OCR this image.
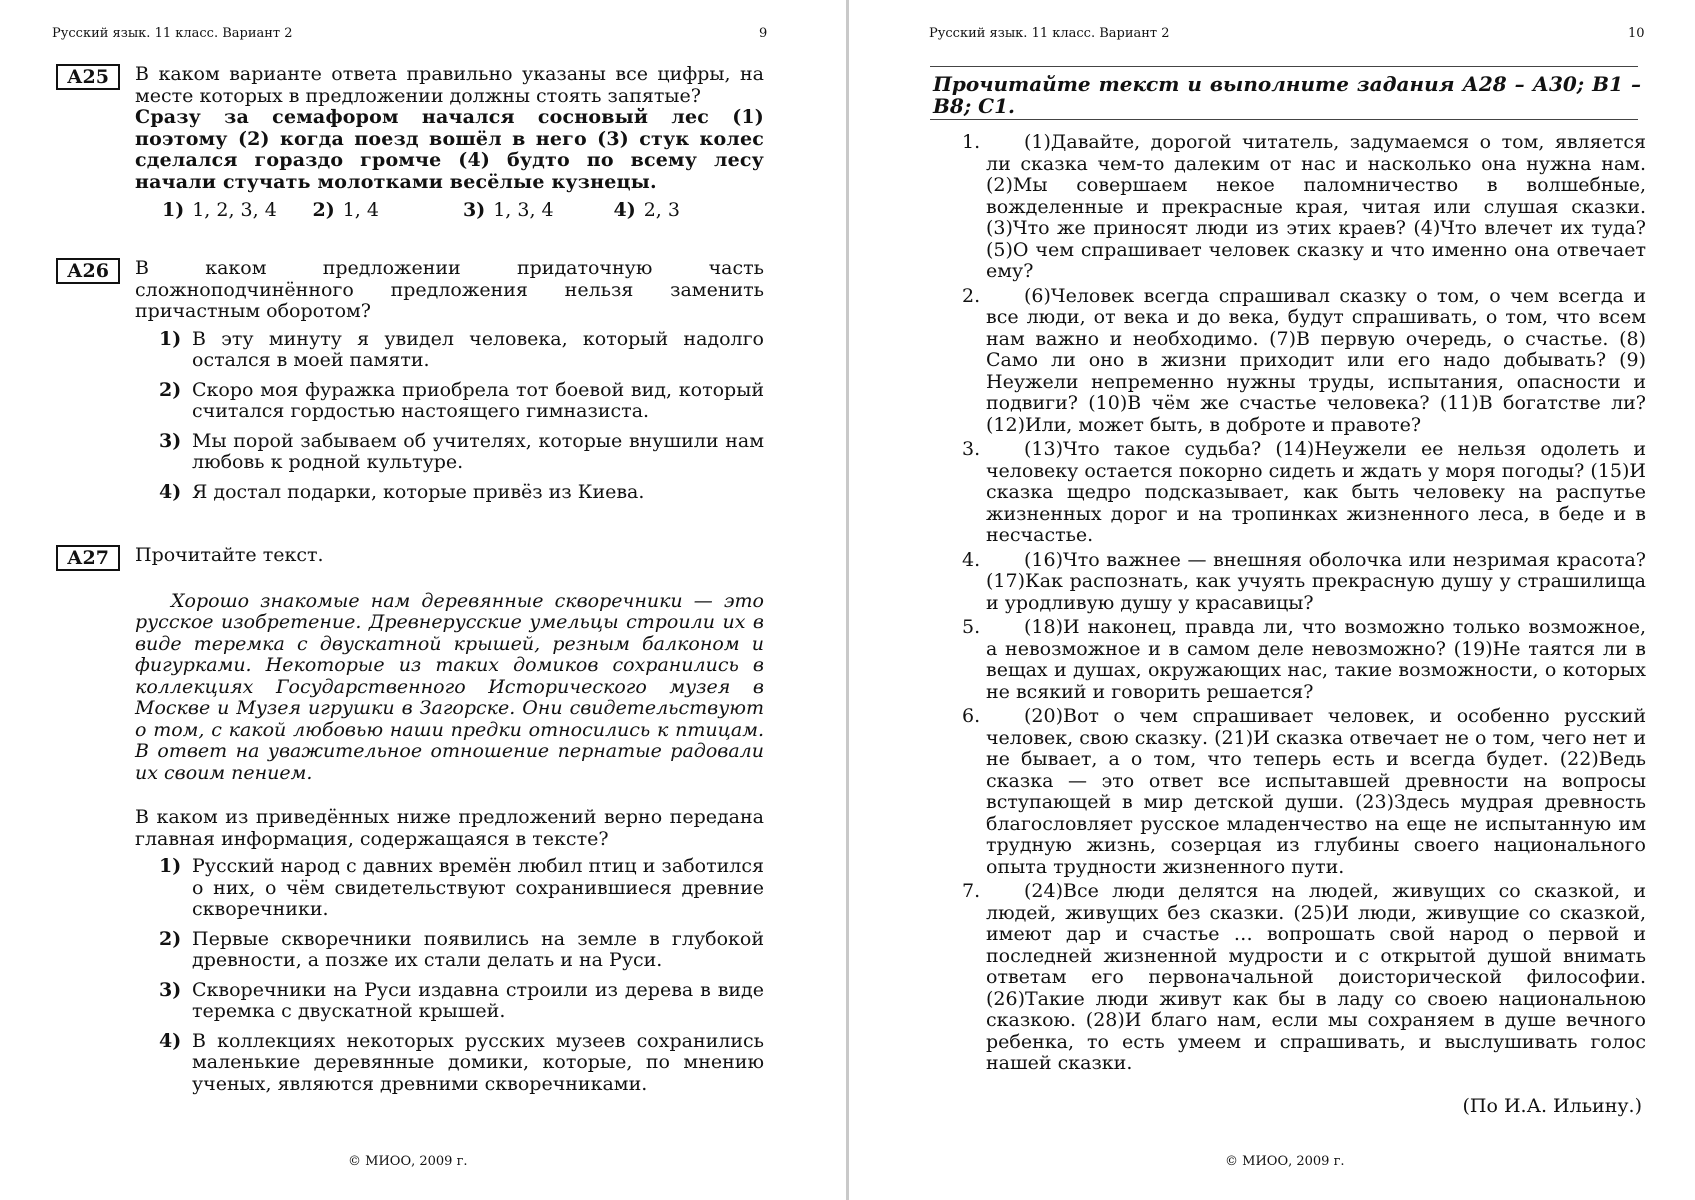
Русский язык. 11 класс. Вариант 2	9
А25	В каком варианте ответа правильно указаны все цифры, на месте которых в предложении должны стоять запятые?
Сразу за семафором начался сосновый лес (1) поэтому (2) когда поезд вошёл в него (3) стук колес сделался гораздо громче (4) будто по всему лесу начали стучать молотками весёлые кузнецы.
1) 1, 2, 3, 4	2) 1, 4	3) 1, 3, 4	4) 2, 3
А26	В каком предложении придаточную часть сложноподчинённого предложения нельзя заменить причастным оборотом?
1) В эту минуту я увидел человека, который надолго остался в моей памяти.
2) Скоро моя фуражка приобрела тот боевой вид, который считался гордостью настоящего гимназиста.
3) Мы порой забываем об учителях, которые внушили нам любовь к родной культуре.
4) Я достал подарки, которые привёз из Киева.
А27	Прочитайте текст.
Хорошо знакомые нам деревянные скворечники — это русское изобретение. Древнерусские умельцы строили их в виде теремка с двускатной крышей, резным балконом и фигурками. Некоторые из таких домиков сохранились в коллекциях Государственного Исторического музея в Москве и Музея игрушки в Загорске. Они свидетельствуют о том, с какой любовью наши предки относились к птицам. В ответ на уважительное отношение пернатые радовали их своим пением.
В каком из приведённых ниже предложений верно передана главная информация, содержащаяся в тексте?
1) Русский народ с давних времён любил птиц и заботился о них, о чём свидетельствуют сохранившиеся древние скворечники.
2) Первые скворечники появились на земле в глубокой древности, а позже их стали делать и на Руси.
3) Скворечники на Руси издавна строили из дерева в виде теремка с двускатной крышей.
4) В коллекциях некоторых русских музеев сохранились маленькие деревянные домики, которые, по мнению ученых, являются древними скворечниками.
© МИОО, 2009 г.
Русский язык. 11 класс. Вариант 2	10
Прочитайте текст и выполните задания А28 – А30; В1 – В8; С1.
1.	(1)Давайте, дорогой читатель, задумаемся о том, является ли сказка чем-то далеким от нас и насколько она нужна нам. (2)Мы совершаем некое паломничество в волшебные, вожделенные и прекрасные края, читая или слушая сказки. (3)Что же приносят люди из этих краев? (4)Что влечет их туда? (5)О чем спрашивает человек сказку и что именно она отвечает ему?
2.	(6)Человек всегда спрашивал сказку о том, о чем всегда и все люди, от века и до века, будут спрашивать, о том, что всем нам важно и необходимо. (7)В первую очередь, о счастье. (8) Само ли оно в жизни приходит или его надо добывать? (9) Неужели непременно нужны труды, испытания, опасности и подвиги? (10)В чём же счастье человека? (11)В богатстве ли? (12)Или, может быть, в доброте и правоте?
3.	(13)Что такое судьба? (14)Неужели ее нельзя одолеть и человеку остается покорно сидеть и ждать у моря погоды? (15)И сказка щедро подсказывает, как быть человеку на распутье жизненных дорог и на тропинках жизненного леса, в беде и в несчастье.
4.	(16)Что важнее — внешняя оболочка или незримая красота? (17)Как распознать, как учуять прекрасную душу у страшилища и уродливую душу у красавицы?
5.	(18)И наконец, правда ли, что возможно только возможное, а невозможное и в самом деле невозможно? (19)Не таятся ли в вещах и душах, окружающих нас, такие возможности, о которых не всякий и говорить решается?
6.	(20)Вот о чем спрашивает человек, и особенно русский человек, свою сказку. (21)И сказка отвечает не о том, чего нет и не бывает, а о том, что теперь есть и всегда будет. (22)Ведь сказка — это ответ все испытавшей древности на вопросы вступающей в мир детской души. (23)Здесь мудрая древность благословляет русское младенчество на еще не испытанную им трудную жизнь, созерцая из глубины своего национального опыта трудности жизненного пути.
7.	(24)Все люди делятся на людей, живущих со сказкой, и людей, живущих без сказки. (25)И люди, живущие со сказкой, имеют дар и счастье … вопрошать свой народ о первой и последней жизненной мудрости и с открытой душой внимать ответам его первоначальной доисторической философии. (26)Такие люди живут как бы в ладу со своею национальною сказкою. (28)И благо нам, если мы сохраняем в душе вечного ребенка, то есть умеем и спрашивать, и выслушивать голос нашей сказки.
(По И.А. Ильину.)
© МИОО, 2009 г.
